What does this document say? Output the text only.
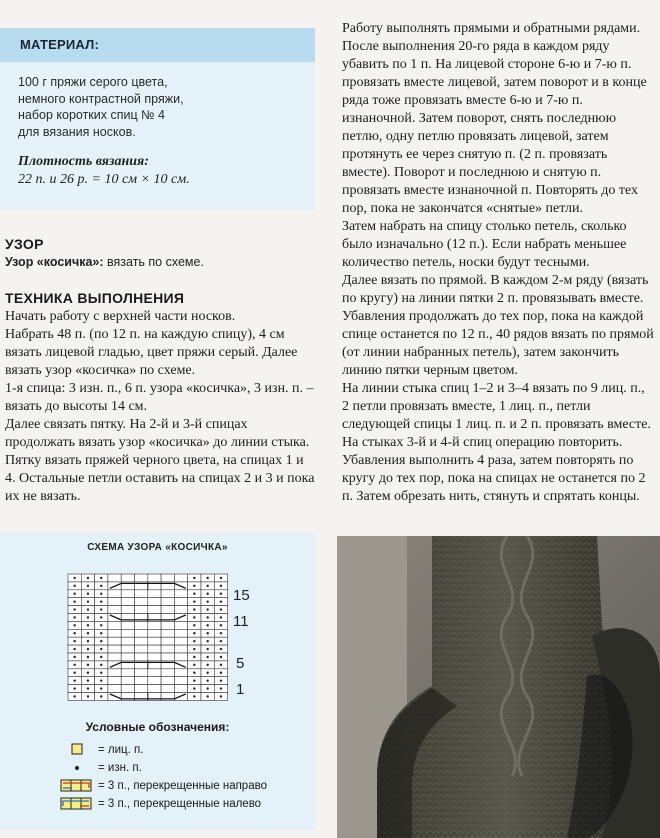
МАТЕРИАЛ:
100 г пряжи серого цвета,
немного контрастной пряжи,
набор коротких спиц № 4
для вязания носков.
Плотность вязания:
22 п. и 26 р. = 10 см × 10 см.
УЗОР
Узор «косичка»: вязать по схеме.
ТЕХНИКА ВЫПОЛНЕНИЯ

Начать работу с верхней части носков.

Набрать 48 п. (по 12 п. на каждую спицу), 4 см вязать лицевой гладью, цвет пряжи серый. Далее вязать узор «косичка» по схеме.

1-я спица: 3 изн. п., 6 п. узора «косичка», 3 изн. п. – вязать до высоты 14 см.

Далее связать пятку. На 2-й и 3-й спицах продолжать вязать узор «косичка» до линии стыка.

Пятку вязать пряжей черного цвета, на спицах 1 и 4. Остальные петли оставить на спицах 2 и 3 и пока их не вязать.

Работу выполнять прямыми и обратными рядами. После выполнения 20-го ряда в каждом ряду убавить по 1 п. На лицевой стороне 6-ю и 7-ю п. провязать вместе лицевой, затем поворот и в конце ряда тоже провязать вместе 6-ю и 7-ю п. изнаночной. Затем поворот, снять последнюю петлю, одну петлю провязать лицевой, затем протянуть ее через снятую п. (2 п. провязать вместе). Поворот и последнюю и снятую п. провязать вместе изнаночной п. Повторять до тех пор, пока не закончатся «снятые» петли.

Затем набрать на спицу столько петель, сколько было изначально (12 п.). Если набрать меньшее количество петель, носки будут тесными.

Далее вязать по прямой. В каждом 2-м ряду (вязать по кругу) на линии пятки 2 п. провязывать вместе.

Убавления продолжать до тех пор, пока на каждой спице останется по 12 п., 40 рядов вязать по прямой (от линии набранных петель), затем закончить линию пятки черным цветом.

На линии стыка спиц 1–2 и 3–4 вязать по 9 лиц. п., 2 петли провязать вместе, 1 лиц. п., петли следующей спицы 1 лиц. п. и 2 п. провязать вместе.

На стыках 3-й и 4-й спиц операцию повторить. Убавления выполнить 4 раза, затем повторять по кругу до тех пор, пока на спицах не останется по 2 п. Затем обрезать нить, стянуть и спрятать концы.

СХЕМА УЗОРА «КОСИЧКА»
15
11
5
1
Условные обозначения:
= лиц. п.
= изн. п.
= 3 п., перекрещенные направо
= 3 п., перекрещенные налево
